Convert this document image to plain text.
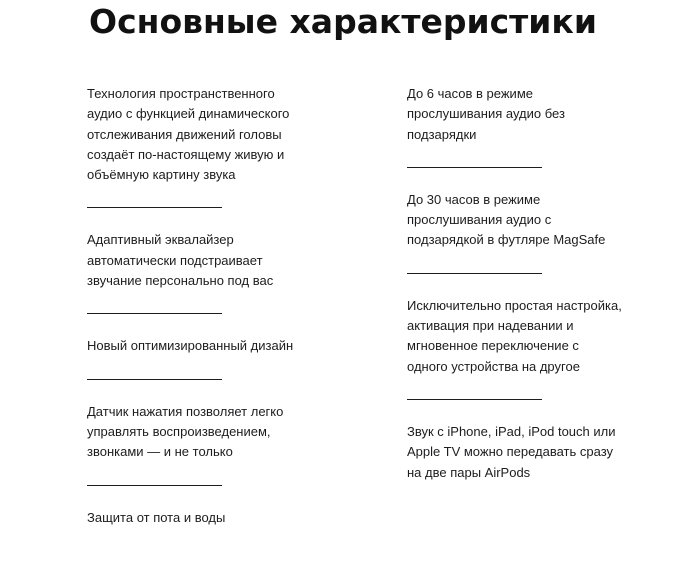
Основные характеристики

Технология пространственного аудио с функцией динамического отслеживания движений головы создаёт по-настоящему живую и объёмную картину звука

Адаптивный эквалайзер автоматически подстраивает звучание персонально под вас

Новый оптимизированный дизайн

Датчик нажатия позволяет легко управлять воспроизведением, звонками — и не только

Защита от пота и воды

До 6 часов в режиме прослушивания аудио без подзарядки

До 30 часов в режиме прослушивания аудио с подзарядкой в футляре MagSafe

Исключительно простая настройка, активация при надевании и мгновенное переключение с одного устройства на другое

Звук с iPhone, iPad, iPod touch или Apple TV можно передавать сразу на две пары AirPods
